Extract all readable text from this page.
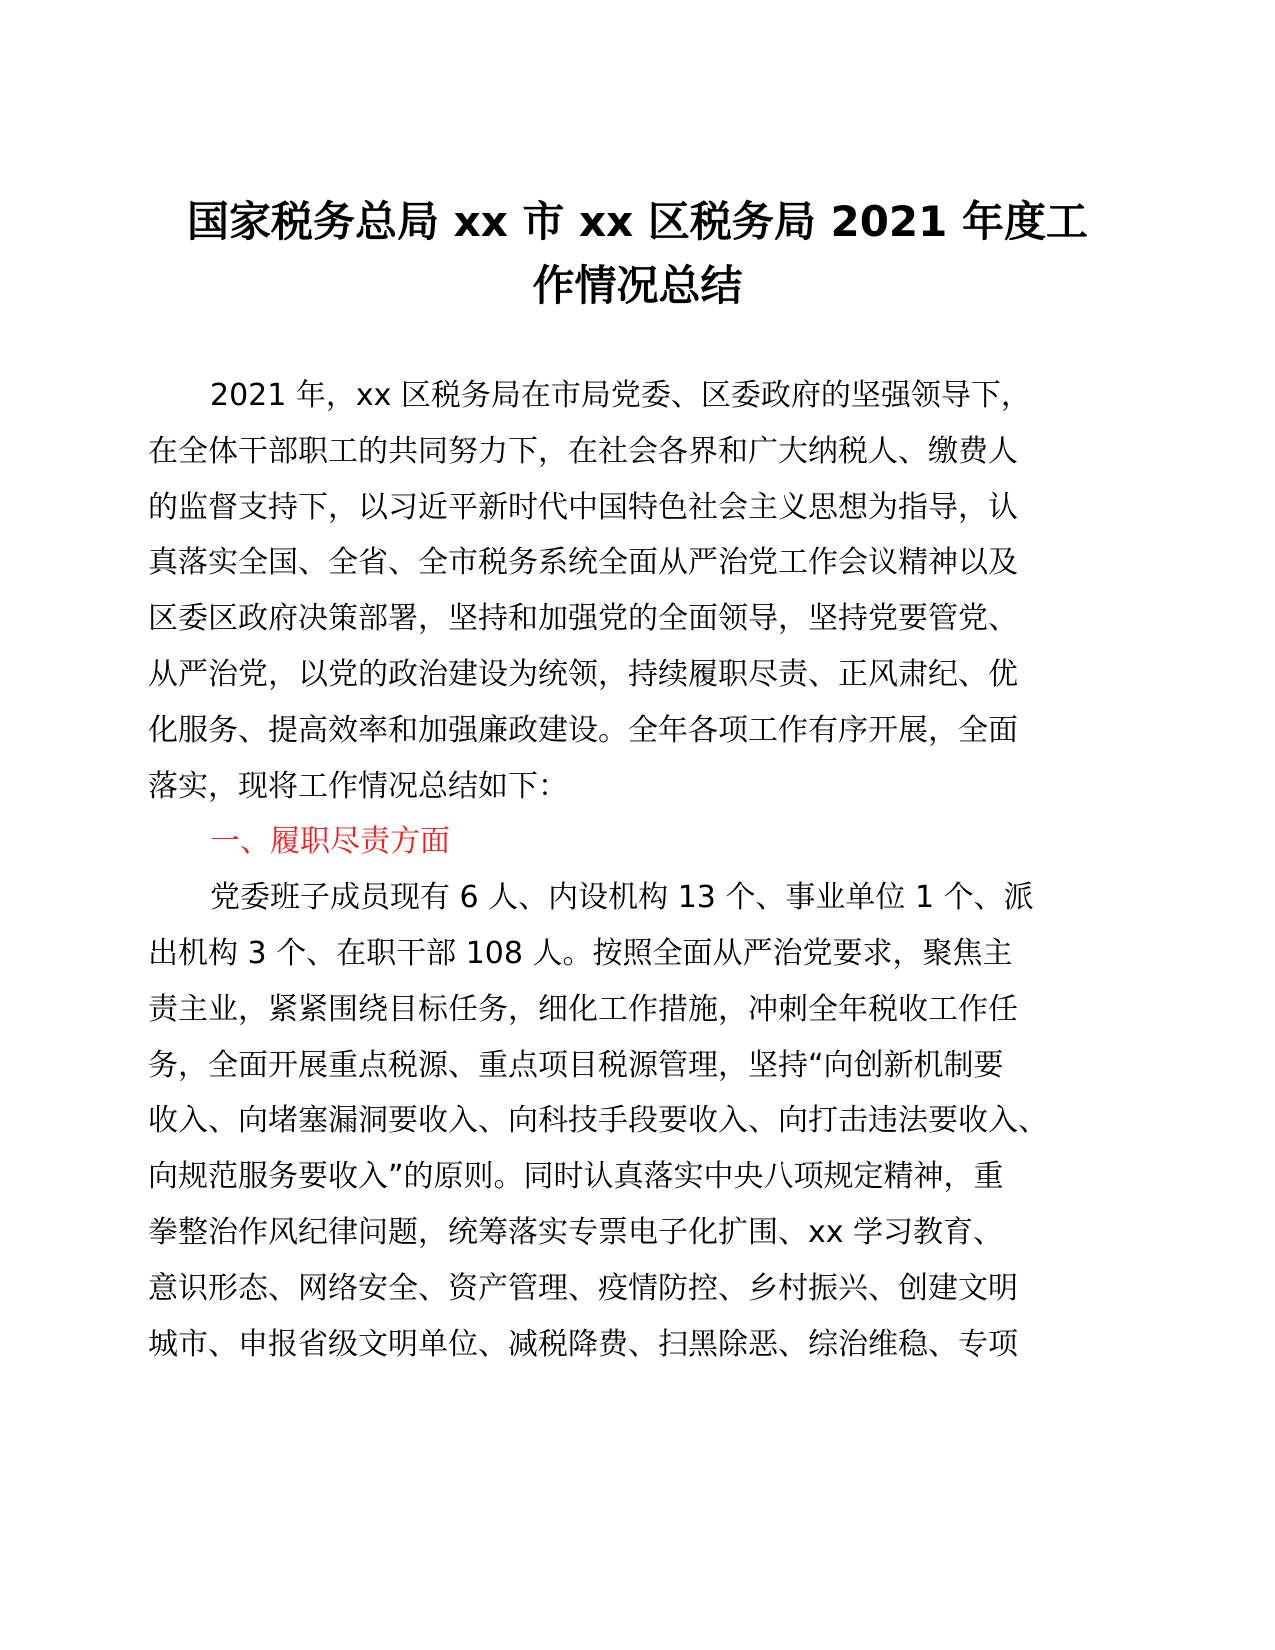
国家税务总局 xx 市 xx 区税务局 2021 年度工
作情况总结
2021 年，xx 区税务局在市局党委、区委政府的坚强领导下，
在全体干部职工的共同努力下，在社会各界和广大纳税人、缴费人
的监督支持下，以习近平新时代中国特色社会主义思想为指导，认
真落实全国、全省、全市税务系统全面从严治党工作会议精神以及
区委区政府决策部署，坚持和加强党的全面领导，坚持党要管党、
从严治党，以党的政治建设为统领，持续履职尽责、正风肃纪、优
化服务、提高效率和加强廉政建设。全年各项工作有序开展，全面
落实，现将工作情况总结如下：
一、履职尽责方面
党委班子成员现有 6 人、内设机构 13 个、事业单位 1 个、派
出机构 3 个、在职干部 108 人。按照全面从严治党要求，聚焦主
责主业，紧紧围绕目标任务，细化工作措施，冲刺全年税收工作任
务，全面开展重点税源、重点项目税源管理，坚持“向创新机制要
收入、向堵塞漏洞要收入、向科技手段要收入、向打击违法要收入、
向规范服务要收入”的原则。同时认真落实中央八项规定精神，重
拳整治作风纪律问题，统筹落实专票电子化扩围、xx 学习教育、
意识形态、网络安全、资产管理、疫情防控、乡村振兴、创建文明
城市、申报省级文明单位、减税降费、扫黑除恶、综治维稳、专项
